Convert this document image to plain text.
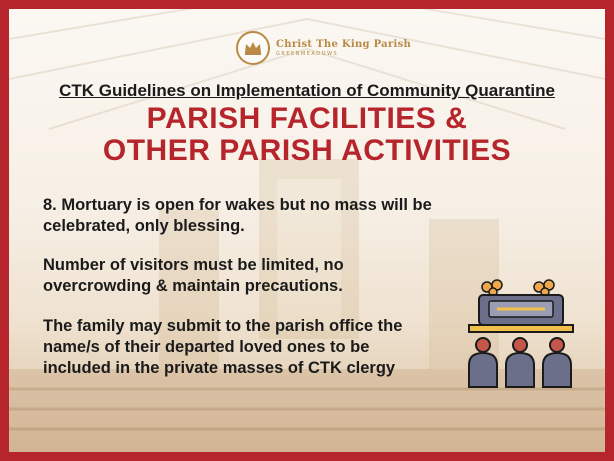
Christ The King Parish
GREENMEADOWS
CTK Guidelines on Implementation of Community Quarantine
PARISH FACILITIES &
OTHER PARISH ACTIVITIES
8. Mortuary is open for wakes but no mass will be celebrated, only blessing.
Number of visitors must be limited, no overcrowding & maintain precautions.
The family may submit to the parish office the name/s of their departed loved ones to be included in the private masses of CTK clergy
